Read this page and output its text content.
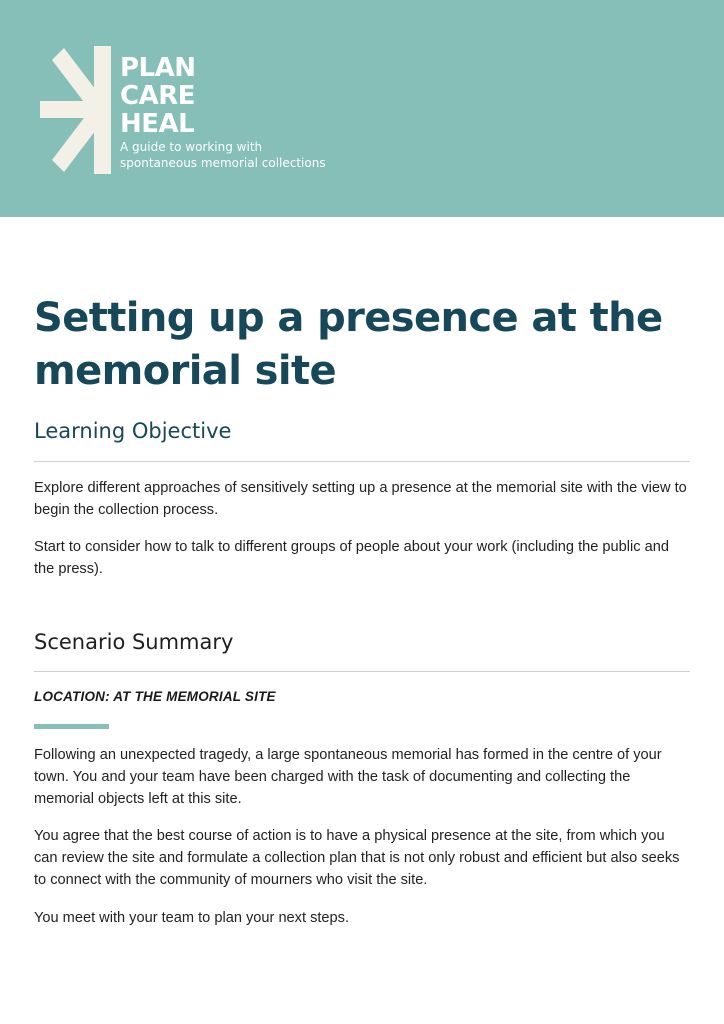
PLAN
CARE
HEAL
A guide to working with
spontaneous memorial collections
Setting up a presence at the
memorial site
Learning Objective

Explore different approaches of sensitively setting up a presence at the memorial site with the view to begin the collection process.

Start to consider how to talk to different groups of people about your work (including the public and the press).

Scenario Summary

LOCATION: AT THE MEMORIAL SITE

Following an unexpected tragedy, a large spontaneous memorial has formed in the centre of your town. You and your team have been charged with the task of documenting and collecting the memorial objects left at this site.

You agree that the best course of action is to have a physical presence at the site, from which you can review the site and formulate a collection plan that is not only robust and efficient but also seeks to connect with the community of mourners who visit the site.

You meet with your team to plan your next steps.
